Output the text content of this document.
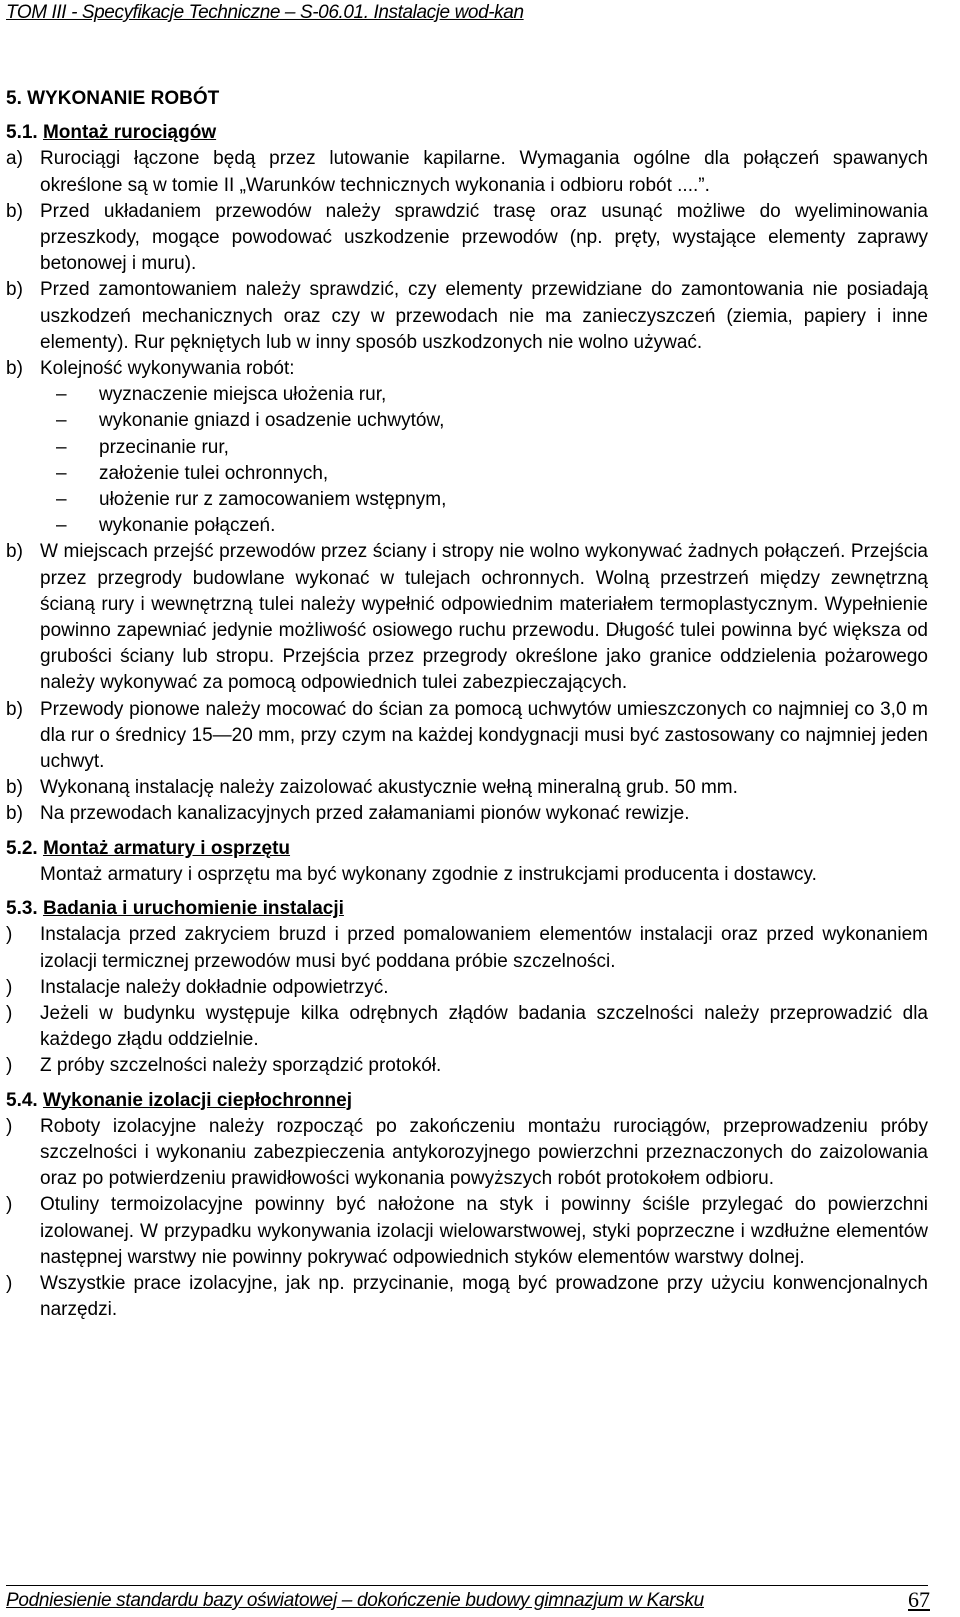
TOM III - Specyfikacje Techniczne – S-06.01. Instalacje wod-kan
5. WYKONANIE ROBÓT
5.1. Montaż rurociągów
a) Rurociągi łączone będą przez lutowanie kapilarne. Wymagania ogólne dla połączeń spawanych określone są w tomie II „Warunków technicznych wykonania i odbioru robót ....”.
b) Przed układaniem przewodów należy sprawdzić trasę oraz usunąć możliwe do wyeliminowania przeszkody, mogące powodować uszkodzenie przewodów (np. pręty, wystające elementy zaprawy betonowej i muru).
b) Przed zamontowaniem należy sprawdzić, czy elementy przewidziane do zamontowania nie posiadają uszkodzeń mechanicznych oraz czy w przewodach nie ma zanieczyszczeń (ziemia, papiery i inne elementy). Rur pękniętych lub w inny sposób uszkodzonych nie wolno używać.
b) Kolejność wykonywania robót:
–	wyznaczenie miejsca ułożenia rur,
–	wykonanie gniazd i osadzenie uchwytów,
–	przecinanie rur,
–	założenie tulei ochronnych,
–	ułożenie rur z zamocowaniem wstępnym,
–	wykonanie połączeń.
b) W miejscach przejść przewodów przez ściany i stropy nie wolno wykonywać żadnych połączeń. Przejścia przez przegrody budowlane wykonać w tulejach ochronnych. Wolną przestrzeń między zewnętrzną ścianą rury i wewnętrzną tulei należy wypełnić odpowiednim materiałem termoplastycznym. Wypełnienie powinno zapewniać jedynie możliwość osiowego ruchu przewodu. Długość tulei powinna być większa od grubości ściany lub stropu. Przejścia przez przegrody określone jako granice oddzielenia pożarowego należy wykonywać za pomocą odpowiednich tulei zabezpieczających.
b) Przewody pionowe należy mocować do ścian za pomocą uchwytów umieszczonych co najmniej co 3,0 m dla rur o średnicy 15—20 mm, przy czym na każdej kondygnacji musi być zastosowany co najmniej jeden uchwyt.
b) Wykonaną instalację należy zaizolować akustycznie wełną mineralną grub. 50 mm.
b) Na przewodach kanalizacyjnych przed załamaniami pionów wykonać rewizje.
5.2. Montaż armatury i osprzętu
Montaż armatury i osprzętu ma być wykonany zgodnie z instrukcjami producenta i dostawcy.
5.3. Badania i uruchomienie instalacji
)	Instalacja przed zakryciem bruzd i przed pomalowaniem elementów instalacji oraz przed wykonaniem izolacji termicznej przewodów musi być poddana próbie szczelności.
)	Instalacje należy dokładnie odpowietrzyć.
)	Jeżeli w budynku występuje kilka odrębnych złądów badania szczelności należy przeprowadzić dla każdego złądu oddzielnie.
)	Z próby szczelności należy sporządzić protokół.
5.4. Wykonanie izolacji ciepłochronnej
)	Roboty izolacyjne należy rozpocząć po zakończeniu montażu rurociągów, przeprowadzeniu próby szczelności i wykonaniu zabezpieczenia antykorozyjnego powierzchni przeznaczonych do zaizolowania oraz po potwierdzeniu prawidłowości wykonania powyższych robót protokołem odbioru.
)	Otuliny termoizolacyjne powinny być nałożone na styk i powinny ściśle przylegać do powierzchni izolowanej. W przypadku wykonywania izolacji wielowarstwowej, styki poprzeczne i wzdłużne elementów następnej warstwy nie powinny pokrywać odpowiednich styków elementów warstwy dolnej.
)	Wszystkie prace izolacyjne, jak np. przycinanie, mogą być prowadzone przy użyciu konwencjonalnych narzędzi.
Podniesienie standardu bazy oświatowej – dokończenie budowy gimnazjum w Karsku	67
